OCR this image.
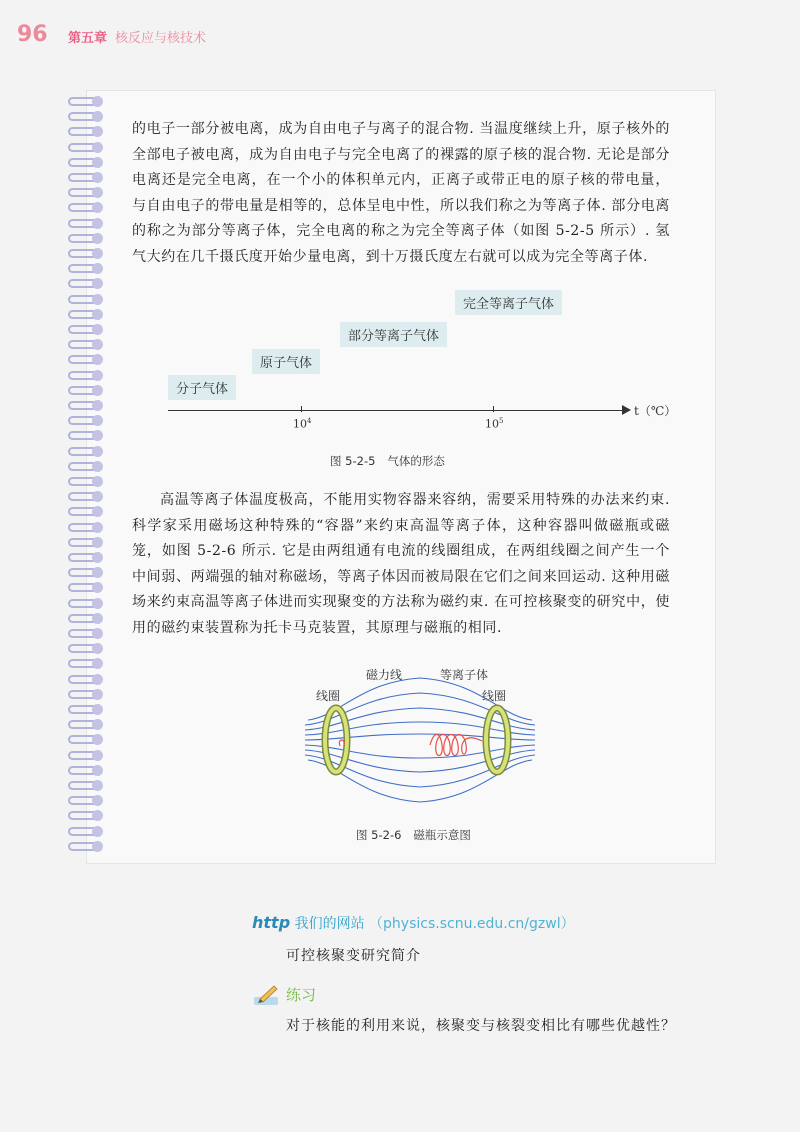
96 第五章 核反应与核技术

的电子一部分被电离，成为自由电子与离子的混合物. 当温度继续上升，原子核外的全部电子被电离，成为自由电子与完全电离了的裸露的原子核的混合物. 无论是部分电离还是完全电离，在一个小的体积单元内，正离子或带正电的原子核的带电量，与自由电子的带电量是相等的，总体呈电中性，所以我们称之为等离子体. 部分电离的称之为部分等离子体，完全电离的称之为完全等离子体（如图 5-2-5 所示）. 氢气大约在几千摄氏度开始少量电离，到十万摄氏度左右就可以成为完全等离子体.

完全等离子气体
部分等离子气体
原子气体
分子气体
$10^4$	$10^5$
t（℃）
图 5-2-5 气体的形态

高温等离子体温度极高，不能用实物容器来容纳，需要采用特殊的办法来约束. 科学家采用磁场这种特殊的“容器”来约束高温等离子体，这种容器叫做磁瓶或磁笼，如图 5-2-6 所示. 它是由两组通有电流的线圈组成，在两组线圈之间产生一个中间弱、两端强的轴对称磁场，等离子体因而被局限在它们之间来回运动. 这种用磁场来约束高温等离子体进而实现聚变的方法称为磁约束. 在可控核聚变的研究中，使用的磁约束装置称为托卡马克装置，其原理与磁瓶的相同.

线圈
磁力线	等离子体
线圈
图 5-2-6 磁瓶示意图
http 我们的网站 （physics.scnu.edu.cn/gzwl）
可控核聚变研究简介
练习
对于核能的利用来说，核聚变与核裂变相比有哪些优越性？
